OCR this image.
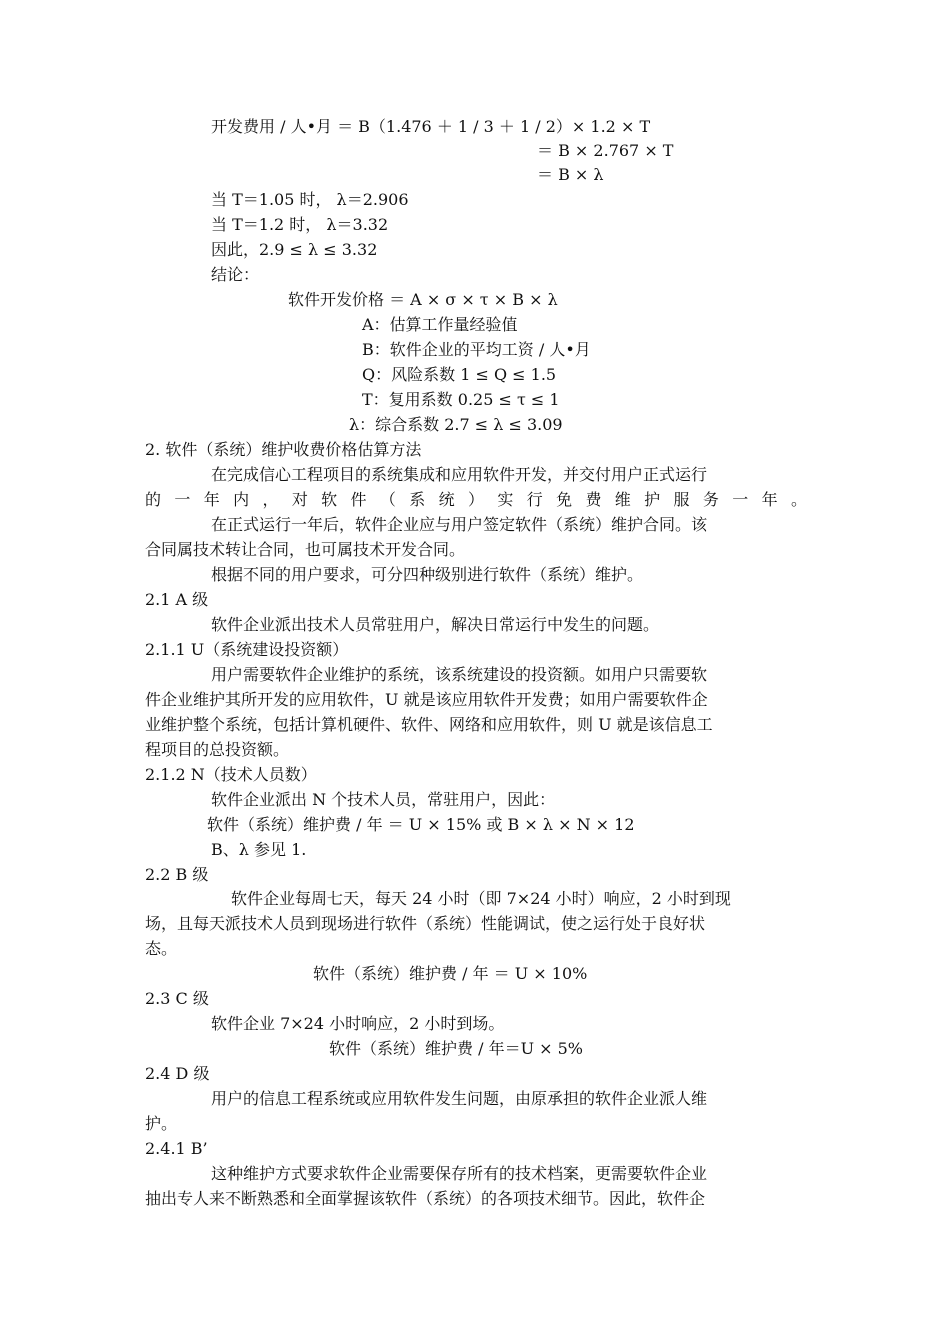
开发费用 / 人•月 ＝ B（1.476 ＋ 1 / 3 ＋ 1 / 2）× 1.2 × T
＝ B × 2.767 × T
＝ B × λ
当 T＝1.05 时， λ＝2.906
当 T＝1.2 时， λ＝3.32
因此，2.9 ≤ λ ≤ 3.32
结论：
软件开发价格 ＝ A × σ × τ × B × λ
A：估算工作量经验值
B：软件企业的平均工资 / 人•月
Q：风险系数 1 ≤ Q ≤ 1.5
T：复用系数 0.25 ≤ τ ≤ 1
λ：综合系数 2.7 ≤ λ ≤ 3.09
2. 软件（系统）维护收费价格估算方法
在完成信心工程项目的系统集成和应用软件开发，并交付用户正式运行
的一年内，对软件（系统）实行免费维护服务一年。
在正式运行一年后，软件企业应与用户签定软件（系统）维护合同。该
合同属技术转让合同，也可属技术开发合同。
根据不同的用户要求，可分四种级别进行软件（系统）维护。
2.1 A 级
软件企业派出技术人员常驻用户，解决日常运行中发生的问题。
2.1.1 U（系统建设投资额）
用户需要软件企业维护的系统，该系统建设的投资额。如用户只需要软
件企业维护其所开发的应用软件，U 就是该应用软件开发费；如用户需要软件企
业维护整个系统，包括计算机硬件、软件、网络和应用软件，则 U 就是该信息工
程项目的总投资额。
2.1.2 N（技术人员数）
软件企业派出 N 个技术人员，常驻用户，因此：
软件（系统）维护费 / 年 ＝ U × 15% 或 B × λ × N × 12
B、λ 参见 1.
2.2 B 级
软件企业每周七天，每天 24 小时（即 7×24 小时）响应，2 小时到现
场，且每天派技术人员到现场进行软件（系统）性能调试，使之运行处于良好状
态。
软件（系统）维护费 / 年 ＝ U × 10%
2.3 C 级
软件企业 7×24 小时响应，2 小时到场。
软件（系统）维护费 / 年＝U × 5%
2.4 D 级
用户的信息工程系统或应用软件发生问题，由原承担的软件企业派人维
护。
2.4.1 B’
这种维护方式要求软件企业需要保存所有的技术档案，更需要软件企业
抽出专人来不断熟悉和全面掌握该软件（系统）的各项技术细节。因此，软件企
